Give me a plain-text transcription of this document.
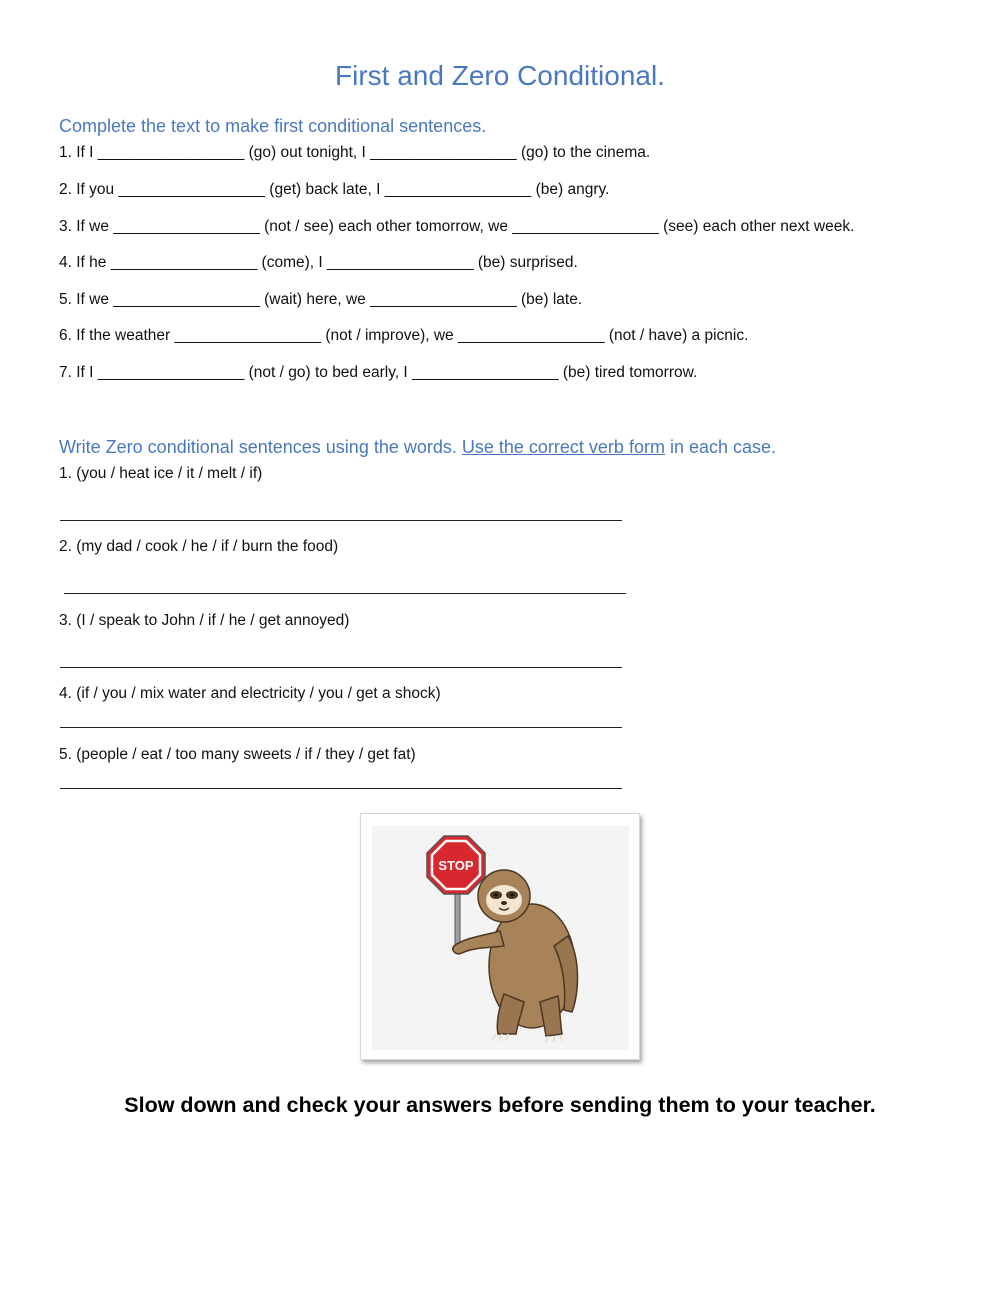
First and Zero Conditional.
Complete the text to make first conditional sentences.
1. If I _________________ (go) out tonight, I _________________ (go) to the cinema.
2. If you _________________ (get) back late, I _________________ (be) angry.
3. If we _________________ (not / see) each other tomorrow, we _________________ (see) each other next week.
4. If he _________________ (come), I _________________ (be) surprised.
5. If we _________________ (wait) here, we _________________ (be) late.
6. If the weather _________________ (not / improve), we _________________ (not / have) a picnic.
7. If I _________________ (not / go) to bed early, I _________________ (be) tired tomorrow.
Write Zero conditional sentences using the words. Use the correct verb form in each case.
1. (you / heat ice / it / melt / if)
2. (my dad / cook / he / if / burn the food)
3. (I / speak to John / if / he / get annoyed)
4. (if / you / mix water and electricity / you / get a shock)
5. (people / eat / too many sweets / if / they / get fat)
STOP
Slow down and check your answers before sending them to your teacher.
